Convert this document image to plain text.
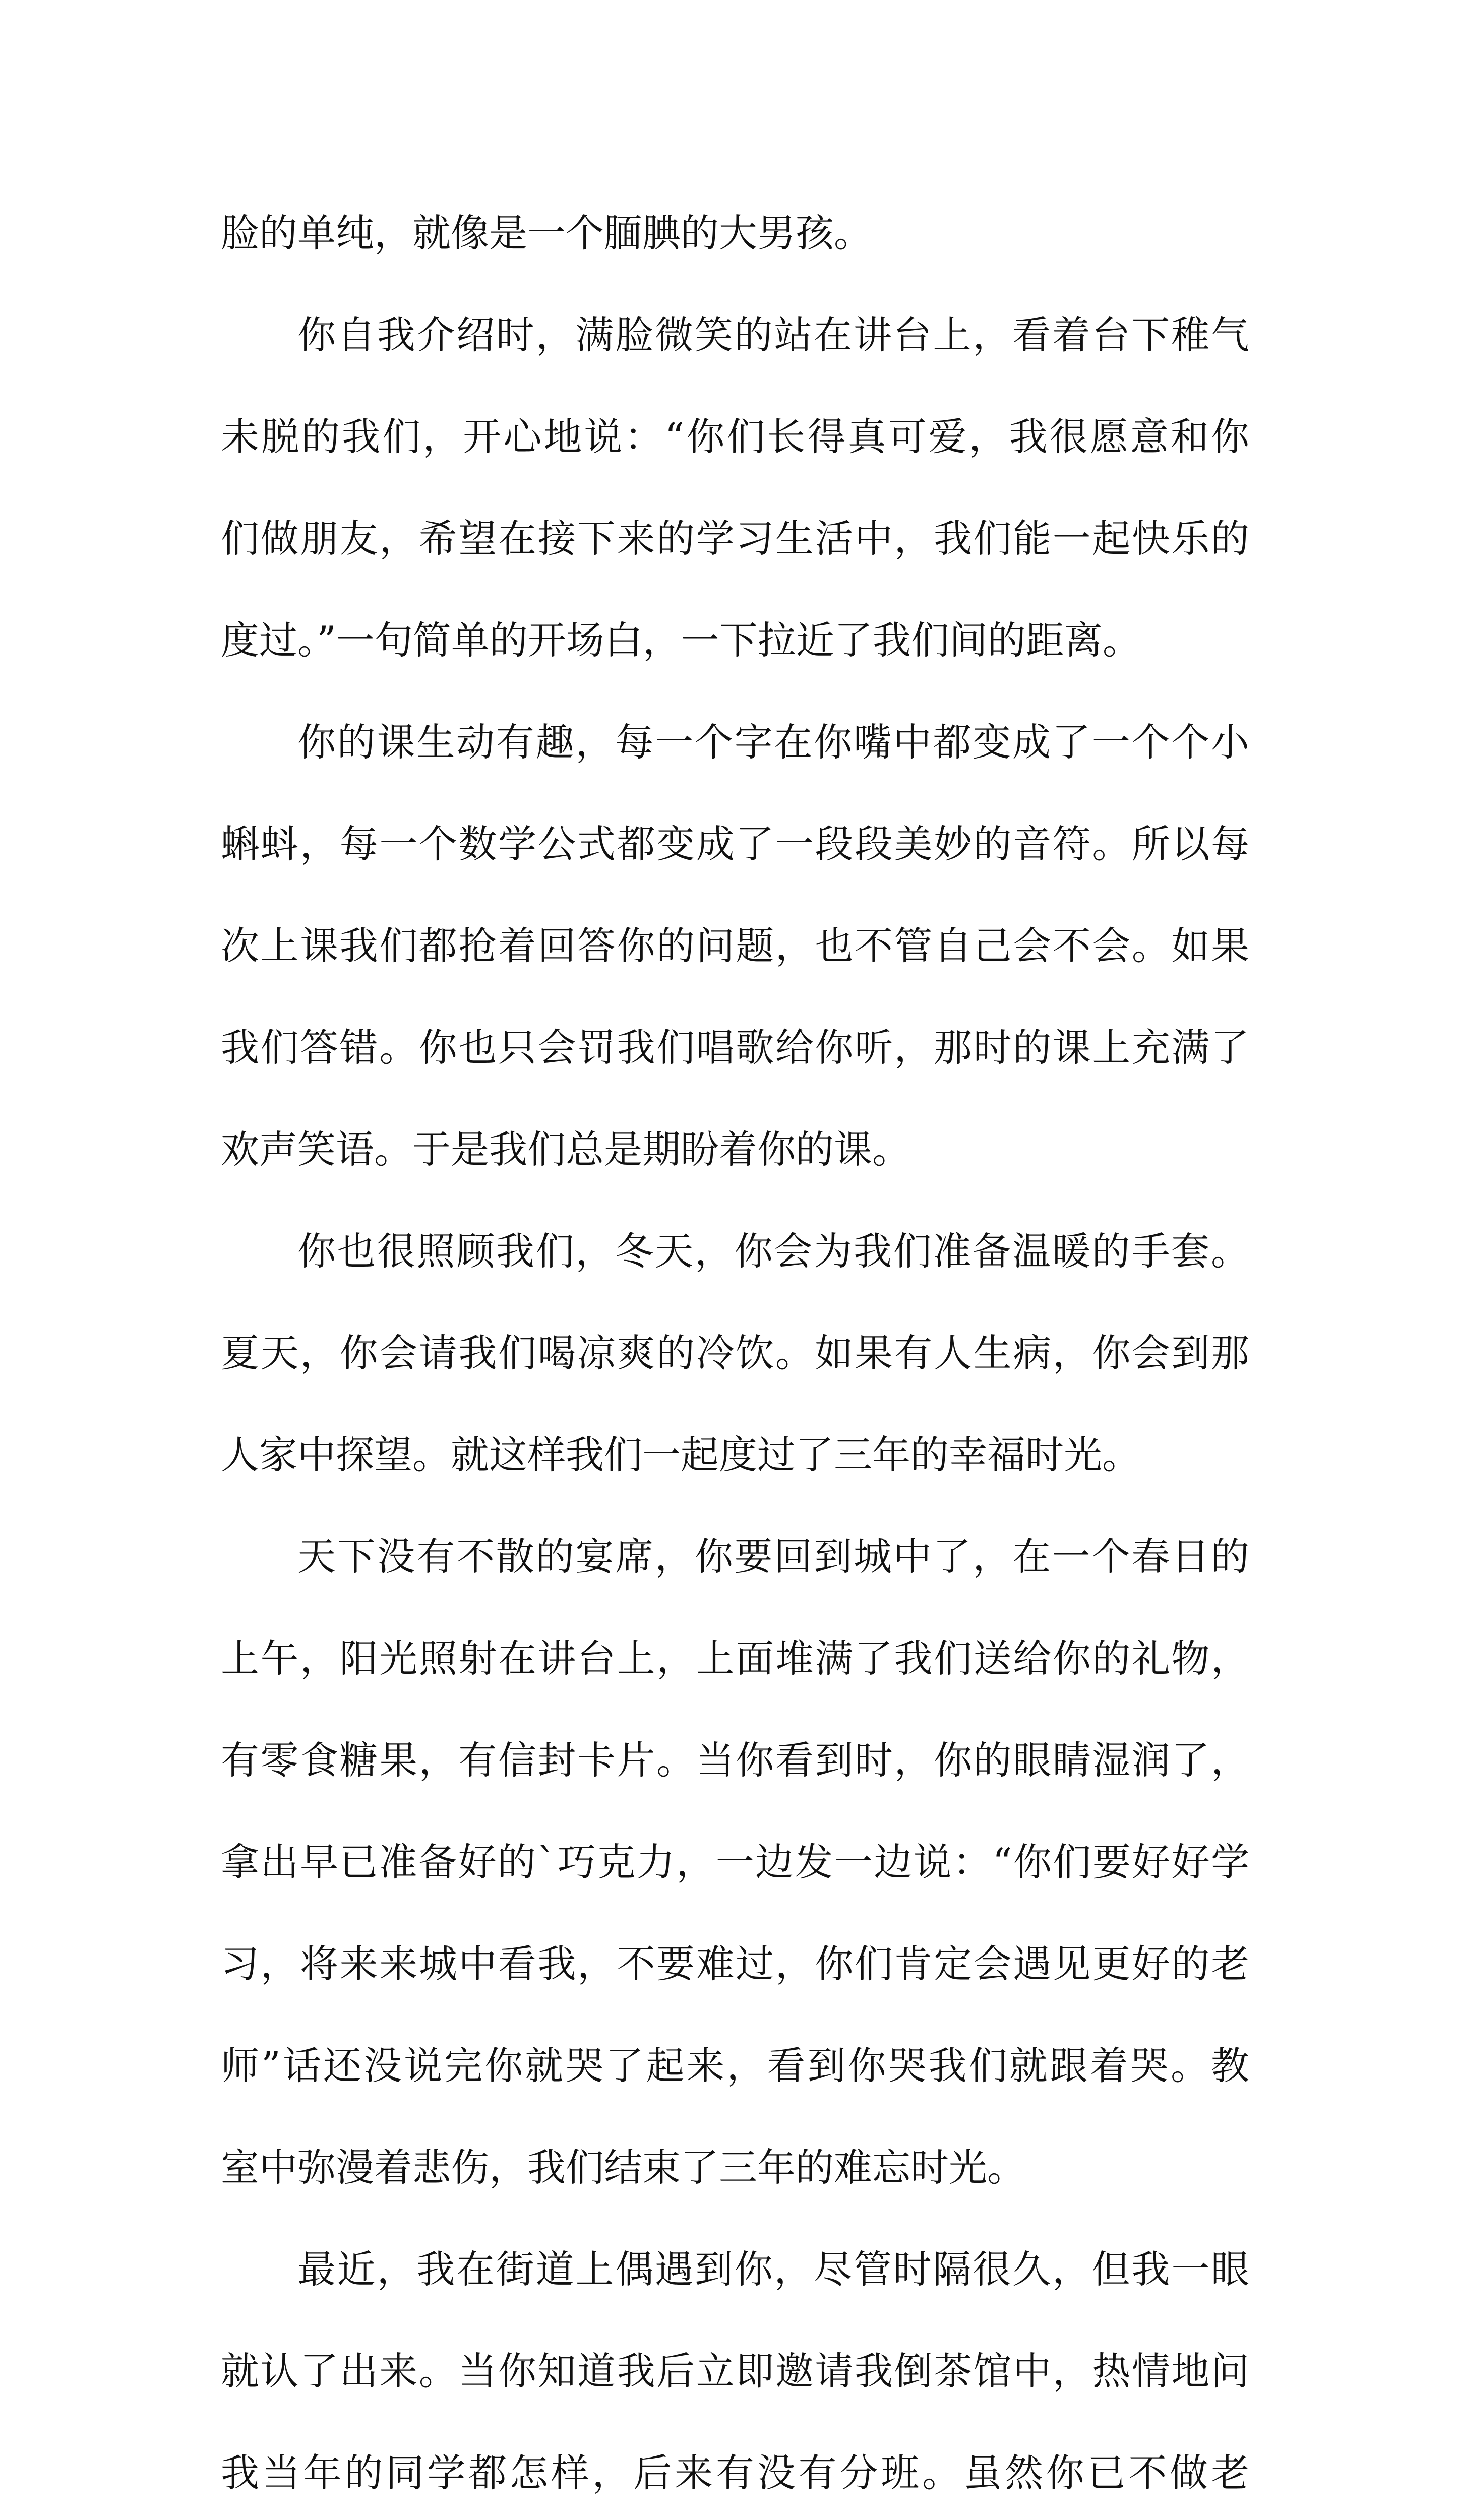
脸的单纯，就像是一个腼腆的大男孩。
你自我介绍时，满脸微笑的站在讲台上，看着台下稚气
未脱的我们，开心地说：“你们长得真可爱，我很愿意和你
们做朋友，希望在接下来的学习生活中，我们能一起快乐的
度过。”一句简单的开场白，一下拉近了我们间的距离。
你的课生动有趣，每一个字在你嘴中都变成了一个个小
蝌蚪，每一个数学公式都变成了一段段美妙的音符。所以每
次上课我们都抢着回答你的问题，也不管自己会不会。如果
我们答错。你也只会罚我们唱歌给你听，那时的课上充满了
欢声笑语。于是我们总是期盼着你的课。
你也很照顾我们，冬天，你会为我们准备温暖的手套。
夏天，你会请我们喝凉爽的冷饮。如果有人生病，你会到那
人家中探望。就这样我们一起度过了三年的幸福时光。
天下没有不散的宴席，你要回到城中了，在一个春日的
上午，阳光照射在讲台上，上面堆满了我们送给你的礼物，
有零食糖果，有信封卡片。当你看到时，你的眼睛湿润了，
拿出早已准备好的`巧克力，一边发一边说：“你们要好好学
习，将来来城中看我，不要难过，你们肯定会遇见更好的老
师”话还没说完你就哭了起来，看到你哭我们就跟着哭。教
室中弥漫着悲伤，我们结束了三年的难忘时光。
最近，我在街道上偶遇到你，尽管时隔很久，但我一眼
就认了出来。当你知道我后立即邀请我倒茶馆中，热情地问
我当年的同学都怎样，后来有没有分班。虽然你已不做老
